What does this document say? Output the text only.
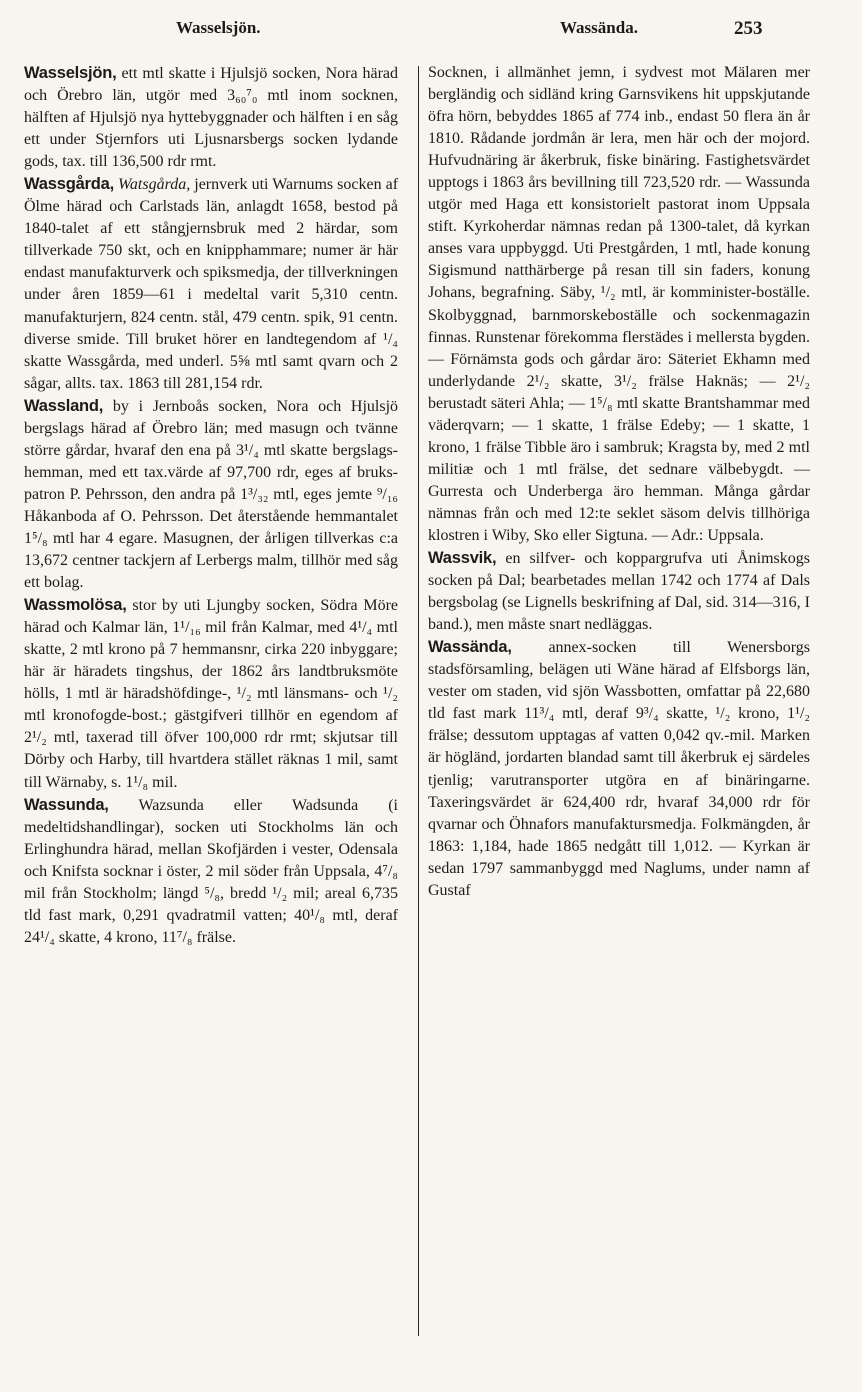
Wasselsjön.	Wassända.	253

Wasselsjön, ett mtl skatte i Hjulsjö socken, Nora härad och Örebro län, utgör med 3₆₀⁷₀ mtl inom socknen, hälften af Hjulsjö nya hyttebyggnader och hälften i en såg ett under Stjernfors uti Ljusnarsbergs socken lydande gods, tax. till 136,500 rdr rmt.

Wassgårda, Watsgårda, jernverk uti Warnums socken af Ölme härad och Carlstads län, anlagdt 1658, bestod på 1840-talet af ett stångjernsbruk med 2 härdar, som tillverkade 750 skt, och en knipphammare; numer är här endast manufakturverk och spiksmedja, der tillverkningen under åren 1859—61 i medeltal varit 5,310 centn. manufakturjern, 824 centn. stål, 479 centn. spik, 91 centn. diverse smide. Till bruket hörer en landtegendom af ¹/₄ skatte Wassgårda, med underl. 5⅝ mtl samt qvarn och 2 sågar, allts. tax. 1863 till 281,154 rdr.

Wassland, by i Jernboås socken, Nora och Hjulsjö bergslags härad af Örebro län; med masugn och tvänne större gårdar, hvaraf den ena på 3¹/₄ mtl skatte bergslags-hemman, med ett tax.värde af 97,700 rdr, eges af bruks-patron P. Pehrsson, den andra på 1³/₃₂ mtl, eges jemte ⁹/₁₆ Håkanboda af O. Pehrsson. Det återstående hemmantalet 1⁵/₈ mtl har 4 egare. Masugnen, der årligen tillverkas c:a 13,672 centner tackjern af Lerbergs malm, tillhör med såg ett bolag.

Wassmolösa, stor by uti Ljungby socken, Södra Möre härad och Kalmar län, 1¹/₁₆ mil från Kalmar, med 4¹/₄ mtl skatte, 2 mtl krono på 7 hemmansnr, cirka 220 inbyggare; här är häradets tingshus, der 1862 års landtbruksmöte hölls, 1 mtl är häradshöfdinge-, ¹/₂ mtl länsmans- och ¹/₂ mtl kronofogde-bost.; gästgifveri tillhör en egendom af 2¹/₂ mtl, taxerad till öfver 100,000 rdr rmt; skjutsar till Dörby och Harby, till hvartdera stället räknas 1 mil, samt till Wärnaby, s. 1¹/₈ mil.

Wassunda, Wazsunda eller Wadsunda (i medeltidshandlingar), socken uti Stockholms län och Erlinghundra härad, mellan Skofjärden i vester, Odensala och Knifsta socknar i öster, 2 mil söder från Uppsala, 4⁷/₈ mil från Stockholm; längd ⁵/₈, bredd ¹/₂ mil; areal 6,735 tld fast mark, 0,291 qvadratmil vatten; 40¹/₈ mtl, deraf 24¹/₄ skatte, 4 krono, 11⁷/₈ frälse.

Socknen, i allmänhet jemn, i sydvest mot Mälaren mer bergländig och sidländ kring Garnsvikens hit uppskjutande öfra hörn, bebyddes 1865 af 774 inb., endast 50 flera än år 1810. Rådande jordmån är lera, men här och der mojord. Hufvudnäring är åkerbruk, fiske binäring. Fastighetsvärdet upptogs i 1863 års bevillning till 723,520 rdr. — Wassunda utgör med Haga ett konsistorielt pastorat inom Uppsala stift. Kyrkoherdar nämnas redan på 1300-talet, då kyrkan anses vara uppbyggd. Uti Prestgården, 1 mtl, hade konung Sigismund natthärberge på resan till sin faders, konung Johans, begrafning. Säby, ¹/₂ mtl, är komminister-boställe. Skolbyggnad, barnmorskeboställe och sockenmagazin finnas. Runstenar förekomma flerstädes i mellersta bygden. — Förnämsta gods och gårdar äro: Säteriet Ekhamn med underlydande 2¹/₂ skatte, 3¹/₂ frälse Haknäs; — 2¹/₂ berustadt säteri Ahla; — 1⁵/₈ mtl skatte Brantshammar med väderqvarn; — 1 skatte, 1 frälse Edeby; — 1 skatte, 1 krono, 1 frälse Tibble äro i sambruk; Kragsta by, med 2 mtl militiæ och 1 mtl frälse, det sednare välbebygdt. — Gurresta och Underberga äro hemman. Många gårdar nämnas från och med 12:te seklet säsom delvis tillhöriga klostren i Wiby, Sko eller Sigtuna. — Adr.: Uppsala.

Wassvik, en silfver- och koppargrufva uti Ånimskogs socken på Dal; bearbetades mellan 1742 och 1774 af Dals bergsbolag (se Lignells beskrifning af Dal, sid. 314—316, I band.), men måste snart nedläggas.

Wassända, annex-socken till Wenersborgs stadsförsamling, belägen uti Wäne härad af Elfsborgs län, vester om staden, vid sjön Wassbotten, omfattar på 22,680 tld fast mark 11³/₄ mtl, deraf 9³/₄ skatte, ¹/₂ krono, 1¹/₂ frälse; dessutom upptagas af vatten 0,042 qv.-mil. Marken är högländ, jordarten blandad samt till åkerbruk ej särdeles tjenlig; varutransporter utgöra en af binäringarne. Taxeringsvärdet är 624,400 rdr, hvaraf 34,000 rdr för qvarnar och Öhnafors manufaktursmedja. Folkmängden, år 1863: 1,184, hade 1865 nedgått till 1,012. — Kyrkan är sedan 1797 sammanbyggd med Naglums, under namn af Gustaf
